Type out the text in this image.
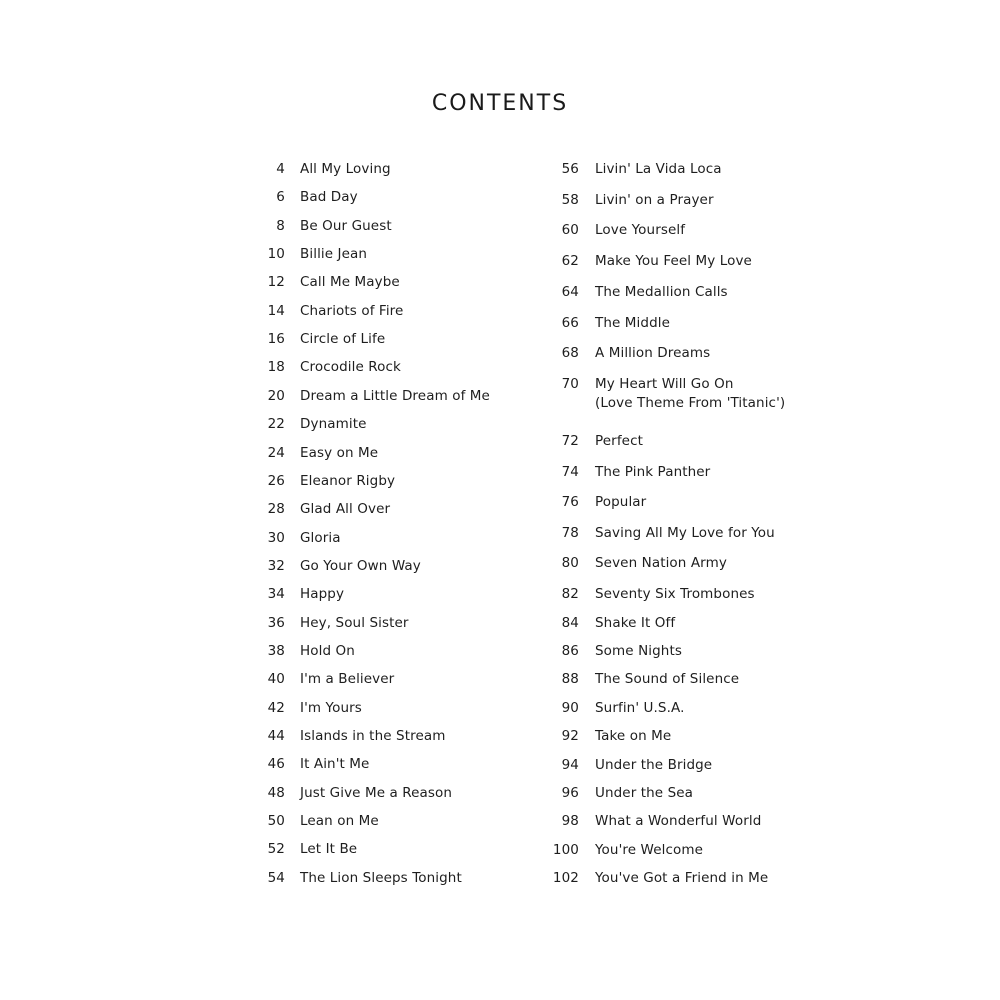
CONTENTS
4 All My Loving
6 Bad Day
8 Be Our Guest
10 Billie Jean
12 Call Me Maybe
14 Chariots of Fire
16 Circle of Life
18 Crocodile Rock
20 Dream a Little Dream of Me
22 Dynamite
24 Easy on Me
26 Eleanor Rigby
28 Glad All Over
30 Gloria
32 Go Your Own Way
34 Happy
36 Hey, Soul Sister
38 Hold On
40 I'm a Believer
42 I'm Yours
44 Islands in the Stream
46 It Ain't Me
48 Just Give Me a Reason
50 Lean on Me
52 Let It Be
54 The Lion Sleeps Tonight
56 Livin' La Vida Loca
58 Livin' on a Prayer
60 Love Yourself
62 Make You Feel My Love
64 The Medallion Calls
66 The Middle
68 A Million Dreams
70 My Heart Will Go On
(Love Theme From 'Titanic')
72 Perfect
74 The Pink Panther
76 Popular
78 Saving All My Love for You
80 Seven Nation Army
82 Seventy Six Trombones
84 Shake It Off
86 Some Nights
88 The Sound of Silence
90 Surfin' U.S.A.
92 Take on Me
94 Under the Bridge
96 Under the Sea
98 What a Wonderful World
100 You're Welcome
102 You've Got a Friend in Me
